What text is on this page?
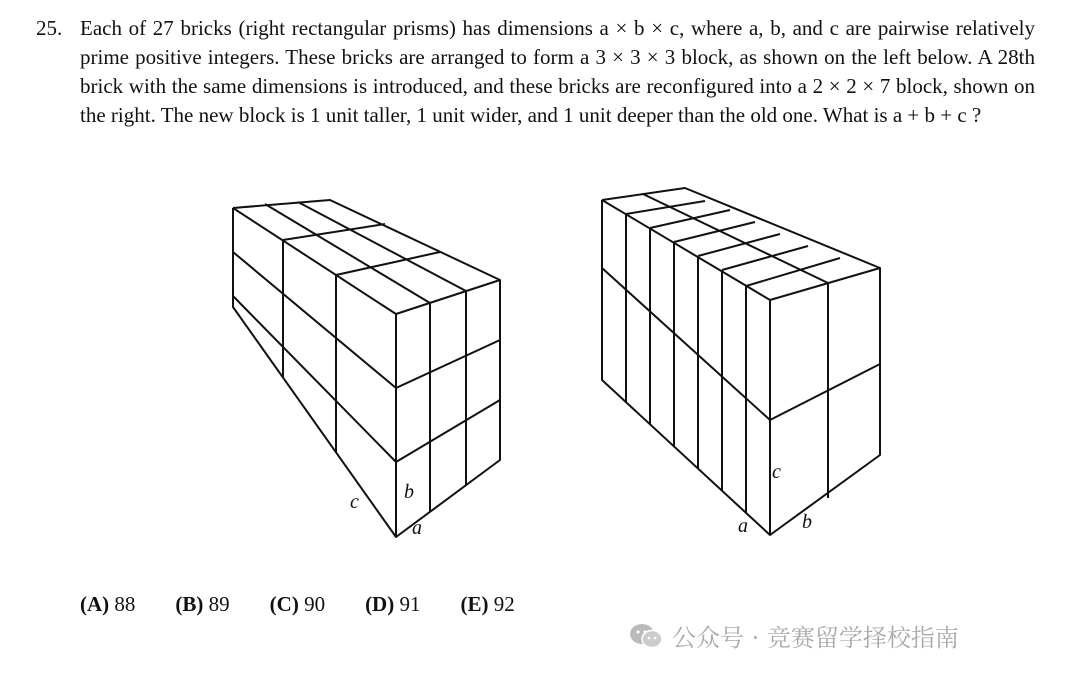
25. Each of 27 bricks (right rectangular prisms) has dimensions a × b × c, where a, b, and c are pairwise relatively prime positive integers. These bricks are arranged to form a 3 × 3 × 3 block, as shown on the left below. A 28th brick with the same dimensions is introduced, and these bricks are reconfigured into a 2 × 2 × 7 block, shown on the right. The new block is 1 unit taller, 1 unit wider, and 1 unit deeper than the old one. What is a + b + c ?
c b
a
c
a	b
(A) 88 (B) 89 (C) 90 (D) 91 (E) 92
公众号 · 竞赛留学择校指南
